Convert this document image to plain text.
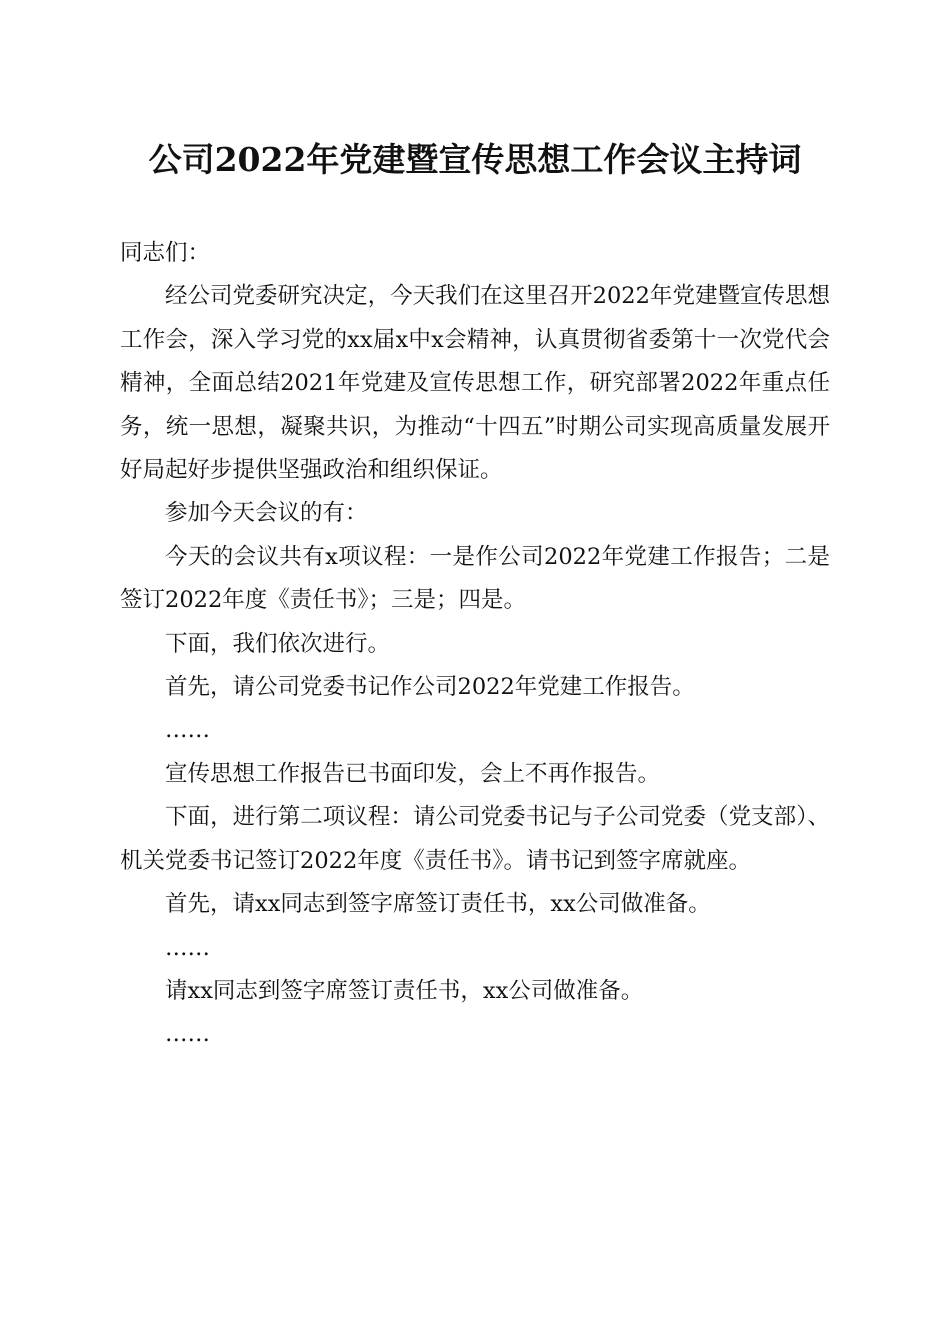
公司2022年党建暨宣传思想工作会议主持词

同志们：

经公司党委研究决定，今天我们在这里召开2022年党建暨宣传思想工作会，深入学习党的xx届x中x会精神，认真贯彻省委第十一次党代会精神，全面总结2021年党建及宣传思想工作，研究部署2022年重点任务，统一思想，凝聚共识，为推动“十四五”时期公司实现高质量发展开好局起好步提供坚强政治和组织保证。

参加今天会议的有：

今天的会议共有x项议程：一是作公司2022年党建工作报告；二是签订2022年度《责任书》；三是；四是。

下面，我们依次进行。

首先，请公司党委书记作公司2022年党建工作报告。

……

宣传思想工作报告已书面印发，会上不再作报告。

下面，进行第二项议程：请公司党委书记与子公司党委（党支部）、机关党委书记签订2022年度《责任书》。请书记到签字席就座。

首先，请xx同志到签字席签订责任书，xx公司做准备。

……

请xx同志到签字席签订责任书，xx公司做准备。

……
